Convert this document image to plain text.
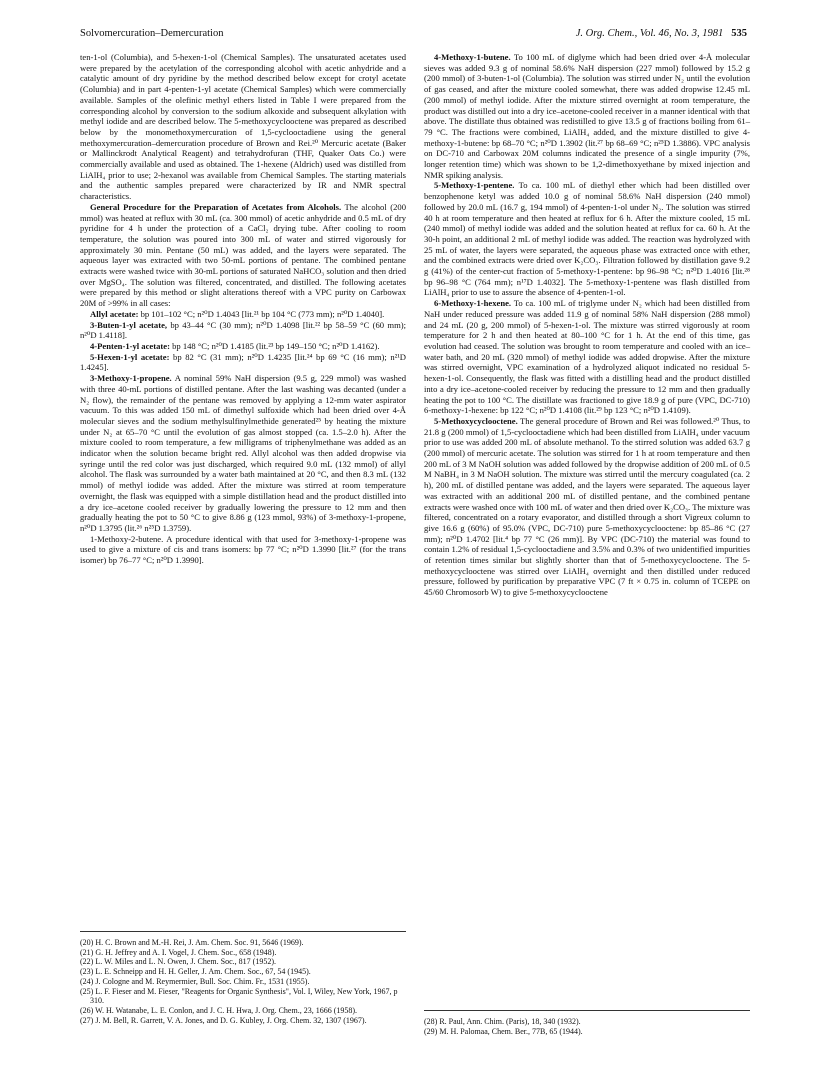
Solvomercuration–Demercuration	J. Org. Chem., Vol. 46, No. 3, 1981 535

ten-1-ol (Columbia), and 5-hexen-1-ol (Chemical Samples). The unsaturated acetates used were prepared by the acetylation of the corresponding alcohol with acetic anhydride and a catalytic amount of dry pyridine by the method described below except for crotyl acetate (Columbia) and in part 4-penten-1-yl acetate (Chemical Samples) which were commercially available. Samples of the olefinic methyl ethers listed in Table I were prepared from the corresponding alcohol by conversion to the sodium alkoxide and subsequent alkylation with methyl iodide and are described below. The 5-methoxycyclooctene was prepared as described below by the monomethoxymercuration of 1,5-cyclooctadiene using the general methoxymercuration–demercuration procedure of Brown and Rei.²⁰ Mercuric acetate (Baker or Mallinckrodt Analytical Reagent) and tetrahydrofuran (THF, Quaker Oats Co.) were commercially available and used as obtained. The 1-hexene (Aldrich) used was distilled from LiAlH₄ prior to use; 2-hexanol was available from Chemical Samples. The starting materials and the authentic samples prepared were characterized by IR and NMR spectral characteristics.

General Procedure for the Preparation of Acetates from Alcohols. The alcohol (200 mmol) was heated at reflux with 30 mL (ca. 300 mmol) of acetic anhydride and 0.5 mL of dry pyridine for 4 h under the protection of a CaCl₂ drying tube. After cooling to room temperature, the solution was poured into 300 mL of water and stirred vigorously for approximately 30 min. Pentane (50 mL) was added, and the layers were separated. The aqueous layer was extracted with two 50-mL portions of pentane. The combined pentane extracts were washed twice with 30-mL portions of saturated NaHCO₃ solution and then dried over MgSO₄. The solution was filtered, concentrated, and distilled. The following acetates were prepared by this method or slight alterations thereof with a VPC purity on Carbowax 20M of >99% in all cases:

Allyl acetate: bp 101–102 °C; n²⁰D 1.4043 [lit.²¹ bp 104 °C (773 mm); n²⁰D 1.4040].

3-Buten-1-yl acetate, bp 43–44 °C (30 mm); n²⁰D 1.4098 [lit.²² bp 58–59 °C (60 mm); n²⁰D 1.4118].

4-Penten-1-yl acetate: bp 148 °C; n²⁰D 1.4185 (lit.²³ bp 149–150 °C; n²⁰D 1.4162).

5-Hexen-1-yl acetate: bp 82 °C (31 mm); n²⁰D 1.4235 [lit.²⁴ bp 69 °C (16 mm); n²¹D 1.4245].

3-Methoxy-1-propene. A nominal 59% NaH dispersion (9.5 g, 229 mmol) was washed with three 40-mL portions of distilled pentane. After the last washing was decanted (under a N₂ flow), the remainder of the pentane was removed by applying a 12-mm water aspirator vacuum. To this was added 150 mL of dimethyl sulfoxide which had been dried over 4-Å molecular sieves and the sodium methylsulfinylmethide generated²⁵ by heating the mixture under N₂ at 65–70 °C until the evolution of gas almost stopped (ca. 1.5–2.0 h). After the mixture cooled to room temperature, a few milligrams of triphenylmethane was added as an indicator when the solution became bright red. Allyl alcohol was then added dropwise via syringe until the red color was just discharged, which required 9.0 mL (132 mmol) of allyl alcohol. The flask was surrounded by a water bath maintained at 20 °C, and then 8.3 mL (132 mmol) of methyl iodide was added. After the mixture was stirred at room temperature overnight, the flask was equipped with a simple distillation head and the product distilled into a dry ice–acetone cooled receiver by gradually lowering the pressure to 12 mm and then gradually heating the pot to 50 °C to give 8.86 g (123 mmol, 93%) of 3-methoxy-1-propene, n²⁰D 1.3795 (lit.²⁶ n²⁵D 1.3759).

1-Methoxy-2-butene. A procedure identical with that used for 3-methoxy-1-propene was used to give a mixture of cis and trans isomers: bp 77 °C; n²⁰D 1.3990 [lit.²⁷ (for the trans isomer) bp 76–77 °C; n²⁰D 1.3990].

(20) H. C. Brown and M.-H. Rei, J. Am. Chem. Soc. 91, 5646 (1969).

(21) G. H. Jeffrey and A. I. Vogel, J. Chem. Soc., 658 (1948).

(22) L. W. Miles and L. N. Owen, J. Chem. Soc., 817 (1952).

(23) L. E. Schneipp and H. H. Geller, J. Am. Chem. Soc., 67, 54 (1945).

(24) J. Cologne and M. Reymermier, Bull. Soc. Chim. Fr., 1531 (1955).

(25) L. F. Fieser and M. Fieser, "Reagents for Organic Synthesis", Vol. I, Wiley, New York, 1967, p 310.

(26) W. H. Watanabe, L. E. Conlon, and J. C. H. Hwa, J. Org. Chem., 23, 1666 (1958).

(27) J. M. Bell, R. Garrett, V. A. Jones, and D. G. Kubley, J. Org. Chem. 32, 1307 (1967).

4-Methoxy-1-butene. To 100 mL of diglyme which had been dried over 4-Å molecular sieves was added 9.3 g of nominal 58.6% NaH dispersion (227 mmol) followed by 15.2 g (200 mmol) of 3-buten-1-ol (Columbia). The solution was stirred under N₂ until the evolution of gas ceased, and after the mixture cooled somewhat, there was added dropwise 12.45 mL (200 mmol) of methyl iodide. After the mixture stirred overnight at room temperature, the product was distilled out into a dry ice–acetone-cooled receiver in a manner identical with that above. The distillate thus obtained was redistilled to give 13.5 g of fractions boiling from 61–79 °C. The fractions were combined, LiAlH₄ added, and the mixture distilled to give 4-methoxy-1-butene: bp 68–70 °C; n²⁰D 1.3902 (lit.²⁷ bp 68–69 °C; n²⁵D 1.3886). VPC analysis on DC-710 and Carbowax 20M columns indicated the presence of a single impurity (7%, longer retention time) which was shown to be 1,2-dimethoxyethane by mixed injection and NMR spiking analysis.

5-Methoxy-1-pentene. To ca. 100 mL of diethyl ether which had been distilled over benzophenone ketyl was added 10.0 g of nominal 58.6% NaH dispersion (240 mmol) followed by 20.0 mL (16.7 g, 194 mmol) of 4-penten-1-ol under N₂. The solution was stirred 40 h at room temperature and then heated at reflux for 6 h. After the mixture cooled, 15 mL (240 mmol) of methyl iodide was added and the solution heated at reflux for ca. 60 h. At the 30-h point, an additional 2 mL of methyl iodide was added. The reaction was hydrolyzed with 25 mL of water, the layers were separated, the aqueous phase was extracted once with ether, and the combined extracts were dried over K₂CO₃. Filtration followed by distillation gave 9.2 g (41%) of the center-cut fraction of 5-methoxy-1-pentene: bp 96–98 °C; n²⁰D 1.4016 [lit.²⁸ bp 96–98 °C (764 mm); n¹⁷D 1.4032]. The 5-methoxy-1-pentene was flash distilled from LiAlH₄ prior to use to assure the absence of 4-penten-1-ol.

6-Methoxy-1-hexene. To ca. 100 mL of triglyme under N₂ which had been distilled from NaH under reduced pressure was added 11.9 g of nominal 58% NaH dispersion (288 mmol) and 24 mL (20 g, 200 mmol) of 5-hexen-1-ol. The mixture was stirred vigorously at room temperature for 2 h and then heated at 80–100 °C for 1 h. At the end of this time, gas evolution had ceased. The solution was brought to room temperature and cooled with an ice–water bath, and 20 mL (320 mmol) of methyl iodide was added dropwise. After the mixture was stirred overnight, VPC examination of a hydrolyzed aliquot indicated no residual 5-hexen-1-ol. Consequently, the flask was fitted with a distilling head and the product distilled into a dry ice–acetone-cooled receiver by reducing the pressure to 12 mm and then gradually heating the pot to 100 °C. The distillate was fractioned to give 18.9 g of pure (VPC, DC-710) 6-methoxy-1-hexene: bp 122 °C; n²⁰D 1.4108 (lit.²⁹ bp 123 °C; n²⁰D 1.4109).

5-Methoxycyclooctene. The general procedure of Brown and Rei was followed.²⁰ Thus, to 21.8 g (200 mmol) of 1,5-cyclooctadiene which had been distilled from LiAlH₄ under vacuum prior to use was added 200 mL of absolute methanol. To the stirred solution was added 63.7 g (200 mmol) of mercuric acetate. The solution was stirred for 1 h at room temperature and then 200 mL of 3 M NaOH solution was added followed by the dropwise addition of 200 mL of 0.5 M NaBH₄ in 3 M NaOH solution. The mixture was stirred until the mercury coagulated (ca. 2 h), 200 mL of distilled pentane was added, and the layers were separated. The aqueous layer was extracted with an additional 200 mL of distilled pentane, and the combined pentane extracts were washed once with 100 mL of water and then dried over K₂CO₃. The mixture was filtered, concentrated on a rotary evaporator, and distilled through a short Vigreux column to give 16.6 g (60%) of 95.0% (VPC, DC-710) pure 5-methoxycyclooctene: bp 85–86 °C (27 mm); n²⁰D 1.4702 [lit.⁴ bp 77 °C (26 mm)]. By VPC (DC-710) the material was found to contain 1.2% of residual 1,5-cyclooctadiene and 3.5% and 0.3% of two unidentified impurities of retention times similar but slightly shorter than that of 5-methoxycyclooctene. The 5-methoxycyclooctene was stirred over LiAlH₄ overnight and then distilled under reduced pressure, followed by purification by preparative VPC (7 ft × 0.75 in. column of TCEPE on 45/60 Chromosorb W) to give 5-methoxycyclooctene

(28) R. Paul, Ann. Chim. (Paris), 18, 340 (1932).

(29) M. H. Palomaa, Chem. Ber., 77B, 65 (1944).
